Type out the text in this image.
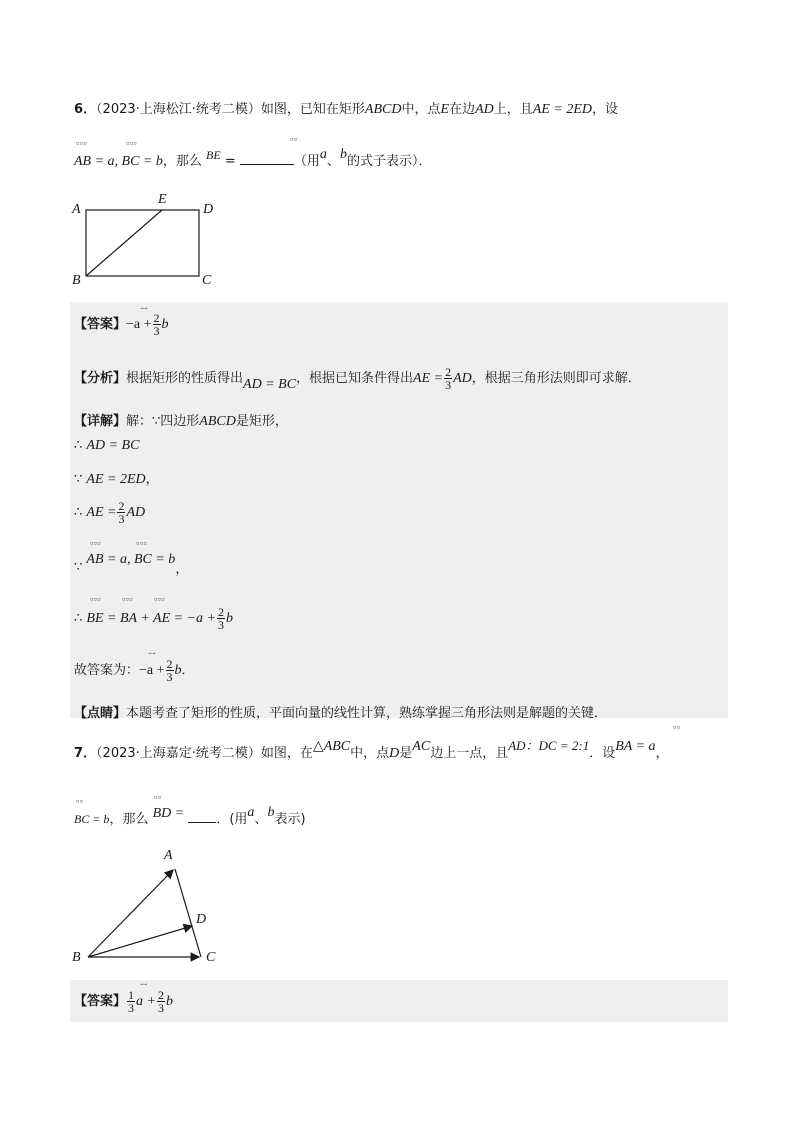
6．（2023·上海松江·统考二模）如图，已知在矩形ABCD中，点E在边AD上，且AE = 2ED，设
▫▫▫	▫▫▫
AB = a, BC = b，那么
▫▫
BE =	（用a、b的式子表示）．
A
E
D
B	C
【答案】$-a + \frac{2}{3}$ b
→→
【分析】根据矩形的性质得出AD = BC，根据已知条件得出AE = $\frac{2}{3}$ AD，根据三角形法则即可求解．
【详解】解：∵四边形ABCD是矩形，
∴ AD = BC
∵ AE = 2ED，
∴ AE = $\frac{2}{3}$ AD
▫▫▫	▫▫▫
∵ AB = a, BC = b，
▫▫▫	▫▫▫	▫▫▫
∴ BE = BA + AE = $-a + \frac{2}{3}$ b
故答案为：$-a + \frac{2}{3}$ b．
→→
【点睛】本题考查了矩形的性质，平面向量的线性计算，熟练掌握三角形法则是解题的关键．
7．（2023·上海嘉定·统考二模）如图，在△ABC中，点D是AC边上一点，且AD：DC = 2:1．设BA = a，
▫▫
▫▫
BC = b，那么
▫▫
BD = ．(用a、b表示)
A
D
B	C
【答案】 $\frac{1}{3}$ $a + \frac{2}{3}$ b
→→
